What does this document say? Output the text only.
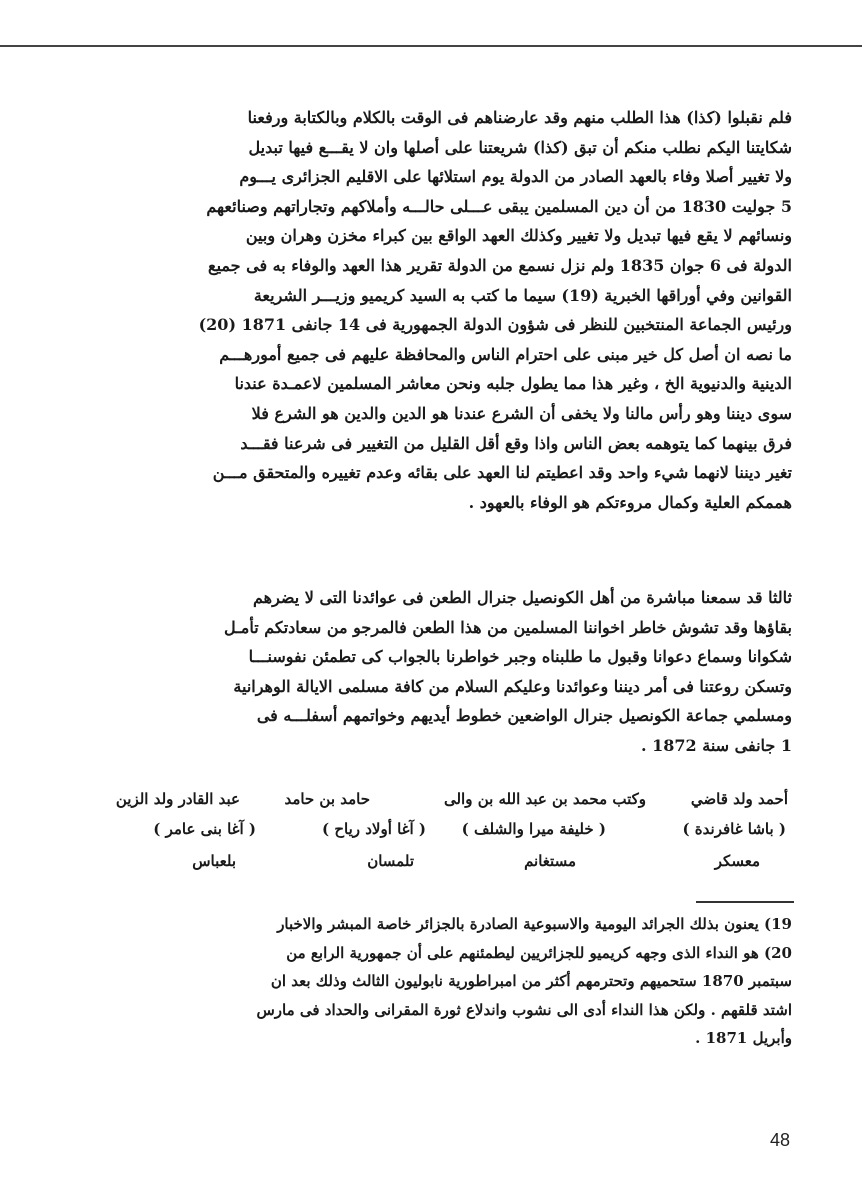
فلم نقبلوا (كذا) هذا الطلب منهم وقد عارضناهم فى الوقت بالكلام وبالكتابة ورفعنا
شكايتنا اليكم نطلب منكم أن تبق (كذا) شريعتنا على أصلها وان لا يقـــع فيها تبديل
ولا تغيير أصلا وفاء بالعهد الصادر من الدولة يوم استلائها على الاقليم الجزائرى يـــوم
5 جوليت 1830 من أن دين المسلمين يبقى عـــلى حالـــه وأملاكهم وتجاراتهم وصنائعهم
ونسائهم لا يقع فيها تبديل ولا تغيير وكذلك العهد الواقع بين كبراء مخزن وهران وبين
الدولة فى 6 جوان 1835 ولم نزل نسمع من الدولة تقرير هذا العهد والوفاء به فى جميع
القوانين وفي أوراقها الخبرية (19) سيما ما كتب به السيد كريميو وزيـــر الشريعة
ورئيس الجماعة المنتخبين للنظر فى شؤون الدولة الجمهورية فى 14 جانفى 1871 (20)
ما نصه ان أصل كل خير مبنى على احترام الناس والمحافظة عليهم فى جميع أمورهـــم
الدينية والدنيوية الخ ، وغير هذا مما يطول جلبه ونحن معاشر المسلمين لاعمـدة عندنا
سوى ديننا وهو رأس مالنا ولا يخفى أن الشرع عندنا هو الدين والدين هو الشرع فلا
فرق بينهما كما يتوهمه بعض الناس واذا وقع أقل القليل من التغيير فى شرعنا فقـــد
تغير ديننا لانهما شيء واحد وقد اعطيتم لنا العهد على بقائه وعدم تغييره والمتحقق مـــن
هممكم العلية وكمال مروءتكم هو الوفاء بالعهود .
ثالثا قد سمعنا مباشرة من أهل الكونصيل جنرال الطعن فى عوائدنا التى لا يضرهم
بقاؤها وقد تشوش خاطر اخواننا المسلمين من هذا الطعن فالمرجو من سعادتكم تأمـل
شكوانا وسماع دعوانا وقبول ما طلبناه وجبر خواطرنا بالجواب كى تطمئن نفوسنـــا
وتسكن روعتنا فى أمر ديننا وعوائدنا وعليكم السلام من كافة مسلمى الايالة الوهرانية
ومسلمي جماعة الكونصيل جنرال الواضعين خطوط أيديهم وخواتمهم أسفلـــه فى
1 جانفى سنة 1872 .
أحمد ولد قاضي
وكتب محمد بن عبد الله بن والى
حامد بن حامد
عبد القادر ولد الزين
( باشا غافرندة )
( خليفة ميرا والشلف )
( آغا أولاد رياح )
( آغا بنى عامر )
معسكر
مستغانم
تلمسان
بلعباس
19) يعنون بذلك الجرائد اليومية والاسبوعية الصادرة بالجزائر خاصة المبشر والاخبار
20) هو النداء الذى وجهه كريميو للجزائريين ليطمئنهم على أن جمهورية الرابع من
سبتمبر 1870 ستحميهم وتحترمهم أكثر من امبراطورية نابوليون الثالث وذلك بعد ان
اشتد قلقهم . ولكن هذا النداء أدى الى نشوب واندلاع ثورة المقرانى والحداد فى مارس
وأبريل 1871 .
48
